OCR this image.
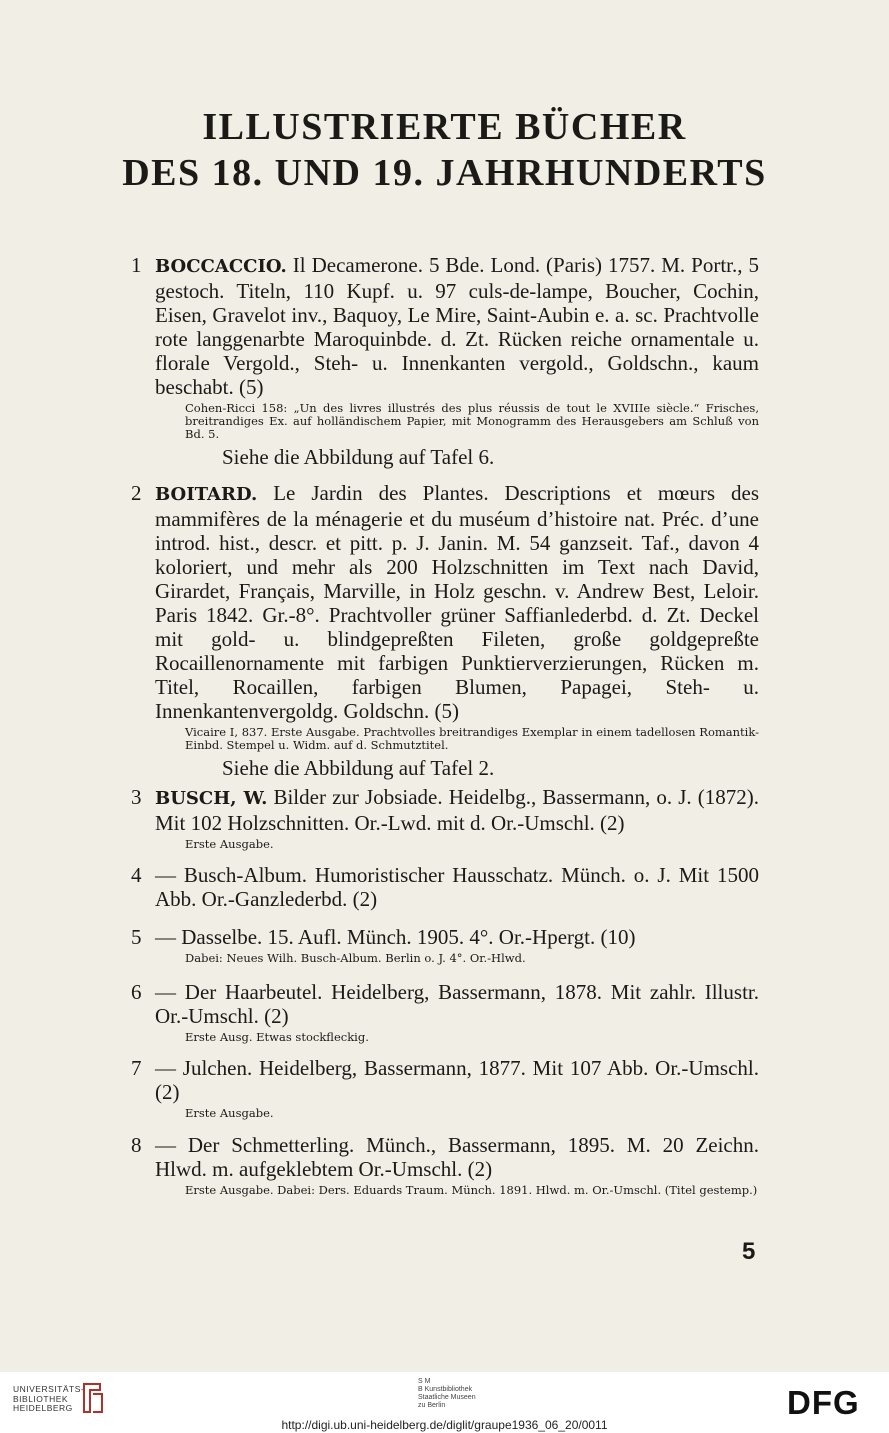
ILLUSTRIERTE BÜCHER
DES 18. UND 19. JAHRHUNDERTS
1 BOCCACCIO. Il Decamerone. 5 Bde. Lond. (Paris) 1757. M. Portr., 5 gestoch. Titeln, 110 Kupf. u. 97 culs-de-lampe, Boucher, Cochin, Eisen, Gravelot inv., Baquoy, Le Mire, Saint-Aubin e. a. sc. Prachtvolle rote langgenarbte Maroquinbde. d. Zt. Rücken reiche ornamentale u. florale Vergold., Steh- u. Innenkanten vergold., Goldschn., kaum beschabt. (5)
Cohen-Ricci 158: „Un des livres illustrés des plus réussis de tout le XVIIIe siècle.“ Frisches, breitrandiges Ex. auf holländischem Papier, mit Monogramm des Herausgebers am Schluß von Bd. 5.
Siehe die Abbildung auf Tafel 6.
2 BOITARD. Le Jardin des Plantes. Descriptions et mœurs des mammifères de la ménagerie et du muséum d’histoire nat. Préc. d’une introd. hist., descr. et pitt. p. J. Janin. M. 54 ganzseit. Taf., davon 4 koloriert, und mehr als 200 Holzschnitten im Text nach David, Girardet, Français, Marville, in Holz geschn. v. Andrew Best, Leloir. Paris 1842. Gr.-8°. Prachtvoller grüner Saffianlederbd. d. Zt. Deckel mit gold- u. blindgepreßten Fileten, große goldgepreßte Rocaillenornamente mit farbigen Punktierverzierungen, Rücken m. Titel, Rocaillen, farbigen Blumen, Papagei, Steh- u. Innenkantenvergoldg. Goldschn. (5)
Vicaire I, 837. Erste Ausgabe. Prachtvolles breitrandiges Exemplar in einem tadellosen Romantik-Einbd. Stempel u. Widm. auf d. Schmutztitel.
Siehe die Abbildung auf Tafel 2.
3 BUSCH, W. Bilder zur Jobsiade. Heidelbg., Bassermann, o. J. (1872). Mit 102 Holzschnitten. Or.-Lwd. mit d. Or.-Umschl. (2)
Erste Ausgabe.
4 — Busch-Album. Humoristischer Hausschatz. Münch. o. J. Mit 1500 Abb. Or.-Ganzlederbd. (2)
5 — Dasselbe. 15. Aufl. Münch. 1905. 4°. Or.-Hpergt. (10)
Dabei: Neues Wilh. Busch-Album. Berlin o. J. 4°. Or.-Hlwd.
6 — Der Haarbeutel. Heidelberg, Bassermann, 1878. Mit zahlr. Illustr. Or.-Umschl. (2)
Erste Ausg. Etwas stockfleckig.
7 — Julchen. Heidelberg, Bassermann, 1877. Mit 107 Abb. Or.-Umschl. (2)
Erste Ausgabe.
8 — Der Schmetterling. Münch., Bassermann, 1895. M. 20 Zeichn. Hlwd. m. aufgeklebtem Or.-Umschl. (2)
Erste Ausgabe. Dabei: Ders. Eduards Traum. Münch. 1891. Hlwd. m. Or.-Umschl. (Titel gestemp.)
5
UNIVERSITÄTS-
BIBLIOTHEK
HEIDELBERG
S M
B Kunstbibliothek
Staatliche Museen
zu Berlin	DFG
http://digi.ub.uni-heidelberg.de/diglit/graupe1936_06_20/0011
